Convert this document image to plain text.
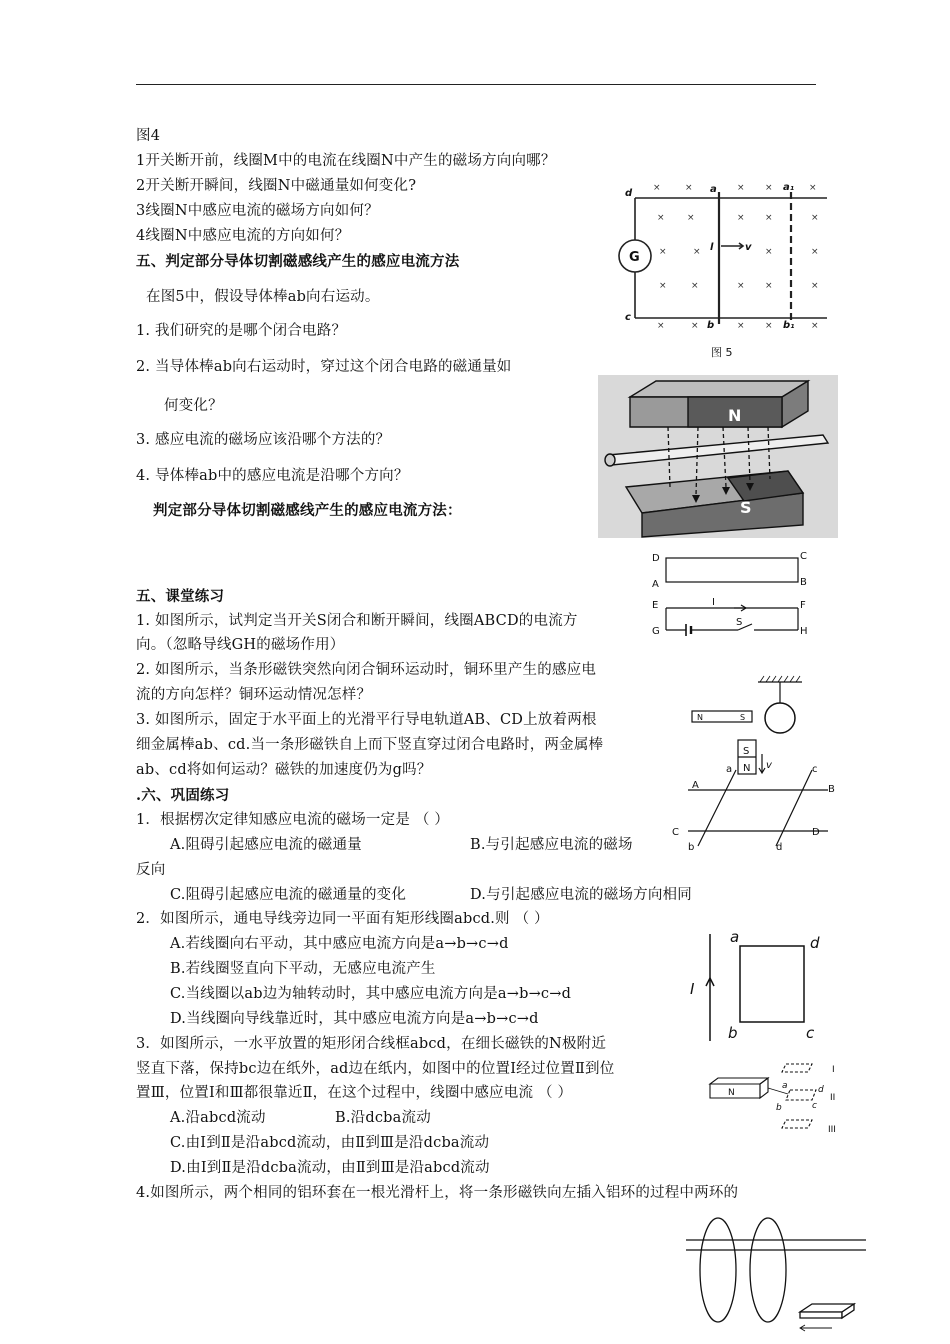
图4
1开关断开前，线圈M中的电流在线圈N中产生的磁场方向向哪？
2开关断开瞬间，线圈N中磁通量如何变化?
3线圈N中感应电流的磁场方向如何？
4线圈N中感应电流的方向如何？
五、判定部分导体切割磁感线产生的感应电流方法
在图5中，假设导体棒ab向右运动。
1. 我们研究的是哪个闭合电路？
2. 当导体棒ab向右运动时，穿过这个闭合电路的磁通量如
何变化？
3. 感应电流的磁场应该沿哪个方法的？
4. 导体棒ab中的感应电流是沿哪个方向？
判定部分导体切割磁感线产生的感应电流方法：
五、课堂练习
1. 如图所示，试判定当开关S闭合和断开瞬间，线圈ABCD的电流方
向。（忽略导线GH的磁场作用）
2. 如图所示，当条形磁铁突然向闭合铜环运动时，铜环里产生的感应电
流的方向怎样？铜环运动情况怎样？
3. 如图所示，固定于水平面上的光滑平行导电轨道AB、CD上放着两根
细金属棒ab、cd.当一条形磁铁自上而下竖直穿过闭合电路时，两金属棒
ab、cd将如何运动？磁铁的加速度仍为g吗？
.六、巩固练习
1．根据楞次定律知感应电流的磁场一定是 （ ）
A.阻碍引起感应电流的磁通量	B.与引起感应电流的磁场
反向
C.阻碍引起感应电流的磁通量的变化	D.与引起感应电流的磁场方向相同
2．如图所示，通电导线旁边同一平面有矩形线圈abcd.则 （ ）
A.若线圈向右平动，其中感应电流方向是a→b→c→d
B.若线圈竖直向下平动，无感应电流产生
C.当线圈以ab边为轴转动时，其中感应电流方向是a→b→c→d
D.当线圈向导线靠近时，其中感应电流方向是a→b→c→d
3．如图所示，一水平放置的矩形闭合线框abcd，在细长磁铁的N极附近
竖直下落，保持bc边在纸外，ad边在纸内，如图中的位置Ⅰ经过位置Ⅱ到位
置Ⅲ，位置Ⅰ和Ⅲ都很靠近Ⅱ，在这个过程中，线圈中感应电流 （ ）
A.沿abcd流动	B.沿dcba流动
C.由Ⅰ到Ⅱ是沿abcd流动，由Ⅱ到Ⅲ是沿dcba流动
D.由Ⅰ到Ⅱ是沿dcba流动，由Ⅱ到Ⅲ是沿abcd流动
4.如图所示，两个相同的铝环套在一根光滑杆上，将一条形磁铁向左插入铝环的过程中两环的
×	×	× ×	×
× ×	× ×	×
×	×	×	×
×	×	× ×	×
×	×	× ×	×
d	a	a₁
c
b	b₁
l	v
G
图 5
N
S
D	C
A	B
E	F
G	H
I
S
N	S
S
N v
A	B
C	D
a	c
b	d
a	d
b	c
I
N
I
II
III
a
b	c
d
